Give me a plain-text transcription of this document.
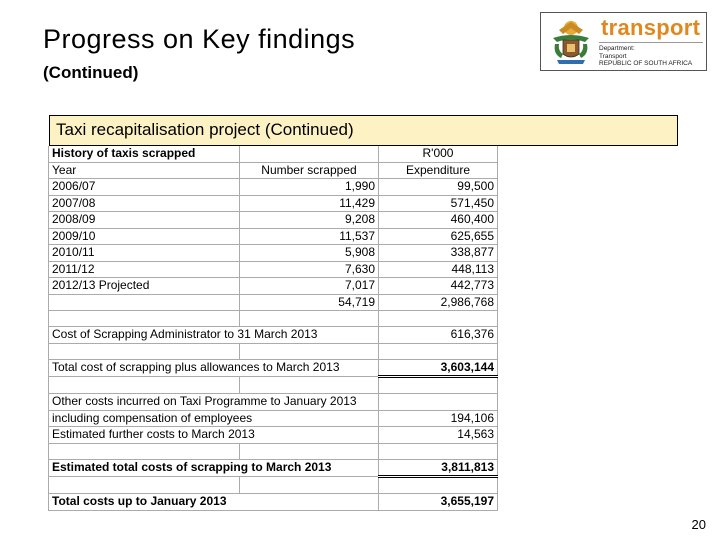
Progress on Key findings
(Continued)
transport
Department:
Transport
REPUBLIC OF SOUTH AFRICA
Taxi recapitalisation project (Continued)
History of taxis scrapped		R'000
Year	Number scrapped	Expenditure
2006/07	1,990	99,500
2007/08	11,429	571,450
2008/09	9,208	460,400
2009/10	11,537	625,655
2010/11	5,908	338,877
2011/12	7,630	448,113
2012/13 Projected	7,017	442,773
	54,719	2,986,768

Cost of Scrapping Administrator to 31 March 2013		616,376

Total cost of scrapping plus allowances to March 2013		3,603,144

Other costs incurred on Taxi Programme to January 2013		
including compensation of employees		194,106
Estimated further costs to March 2013		14,563

Estimated total costs of scrapping to March 2013		3,811,813

Total costs up to January 2013		3,655,197
20
